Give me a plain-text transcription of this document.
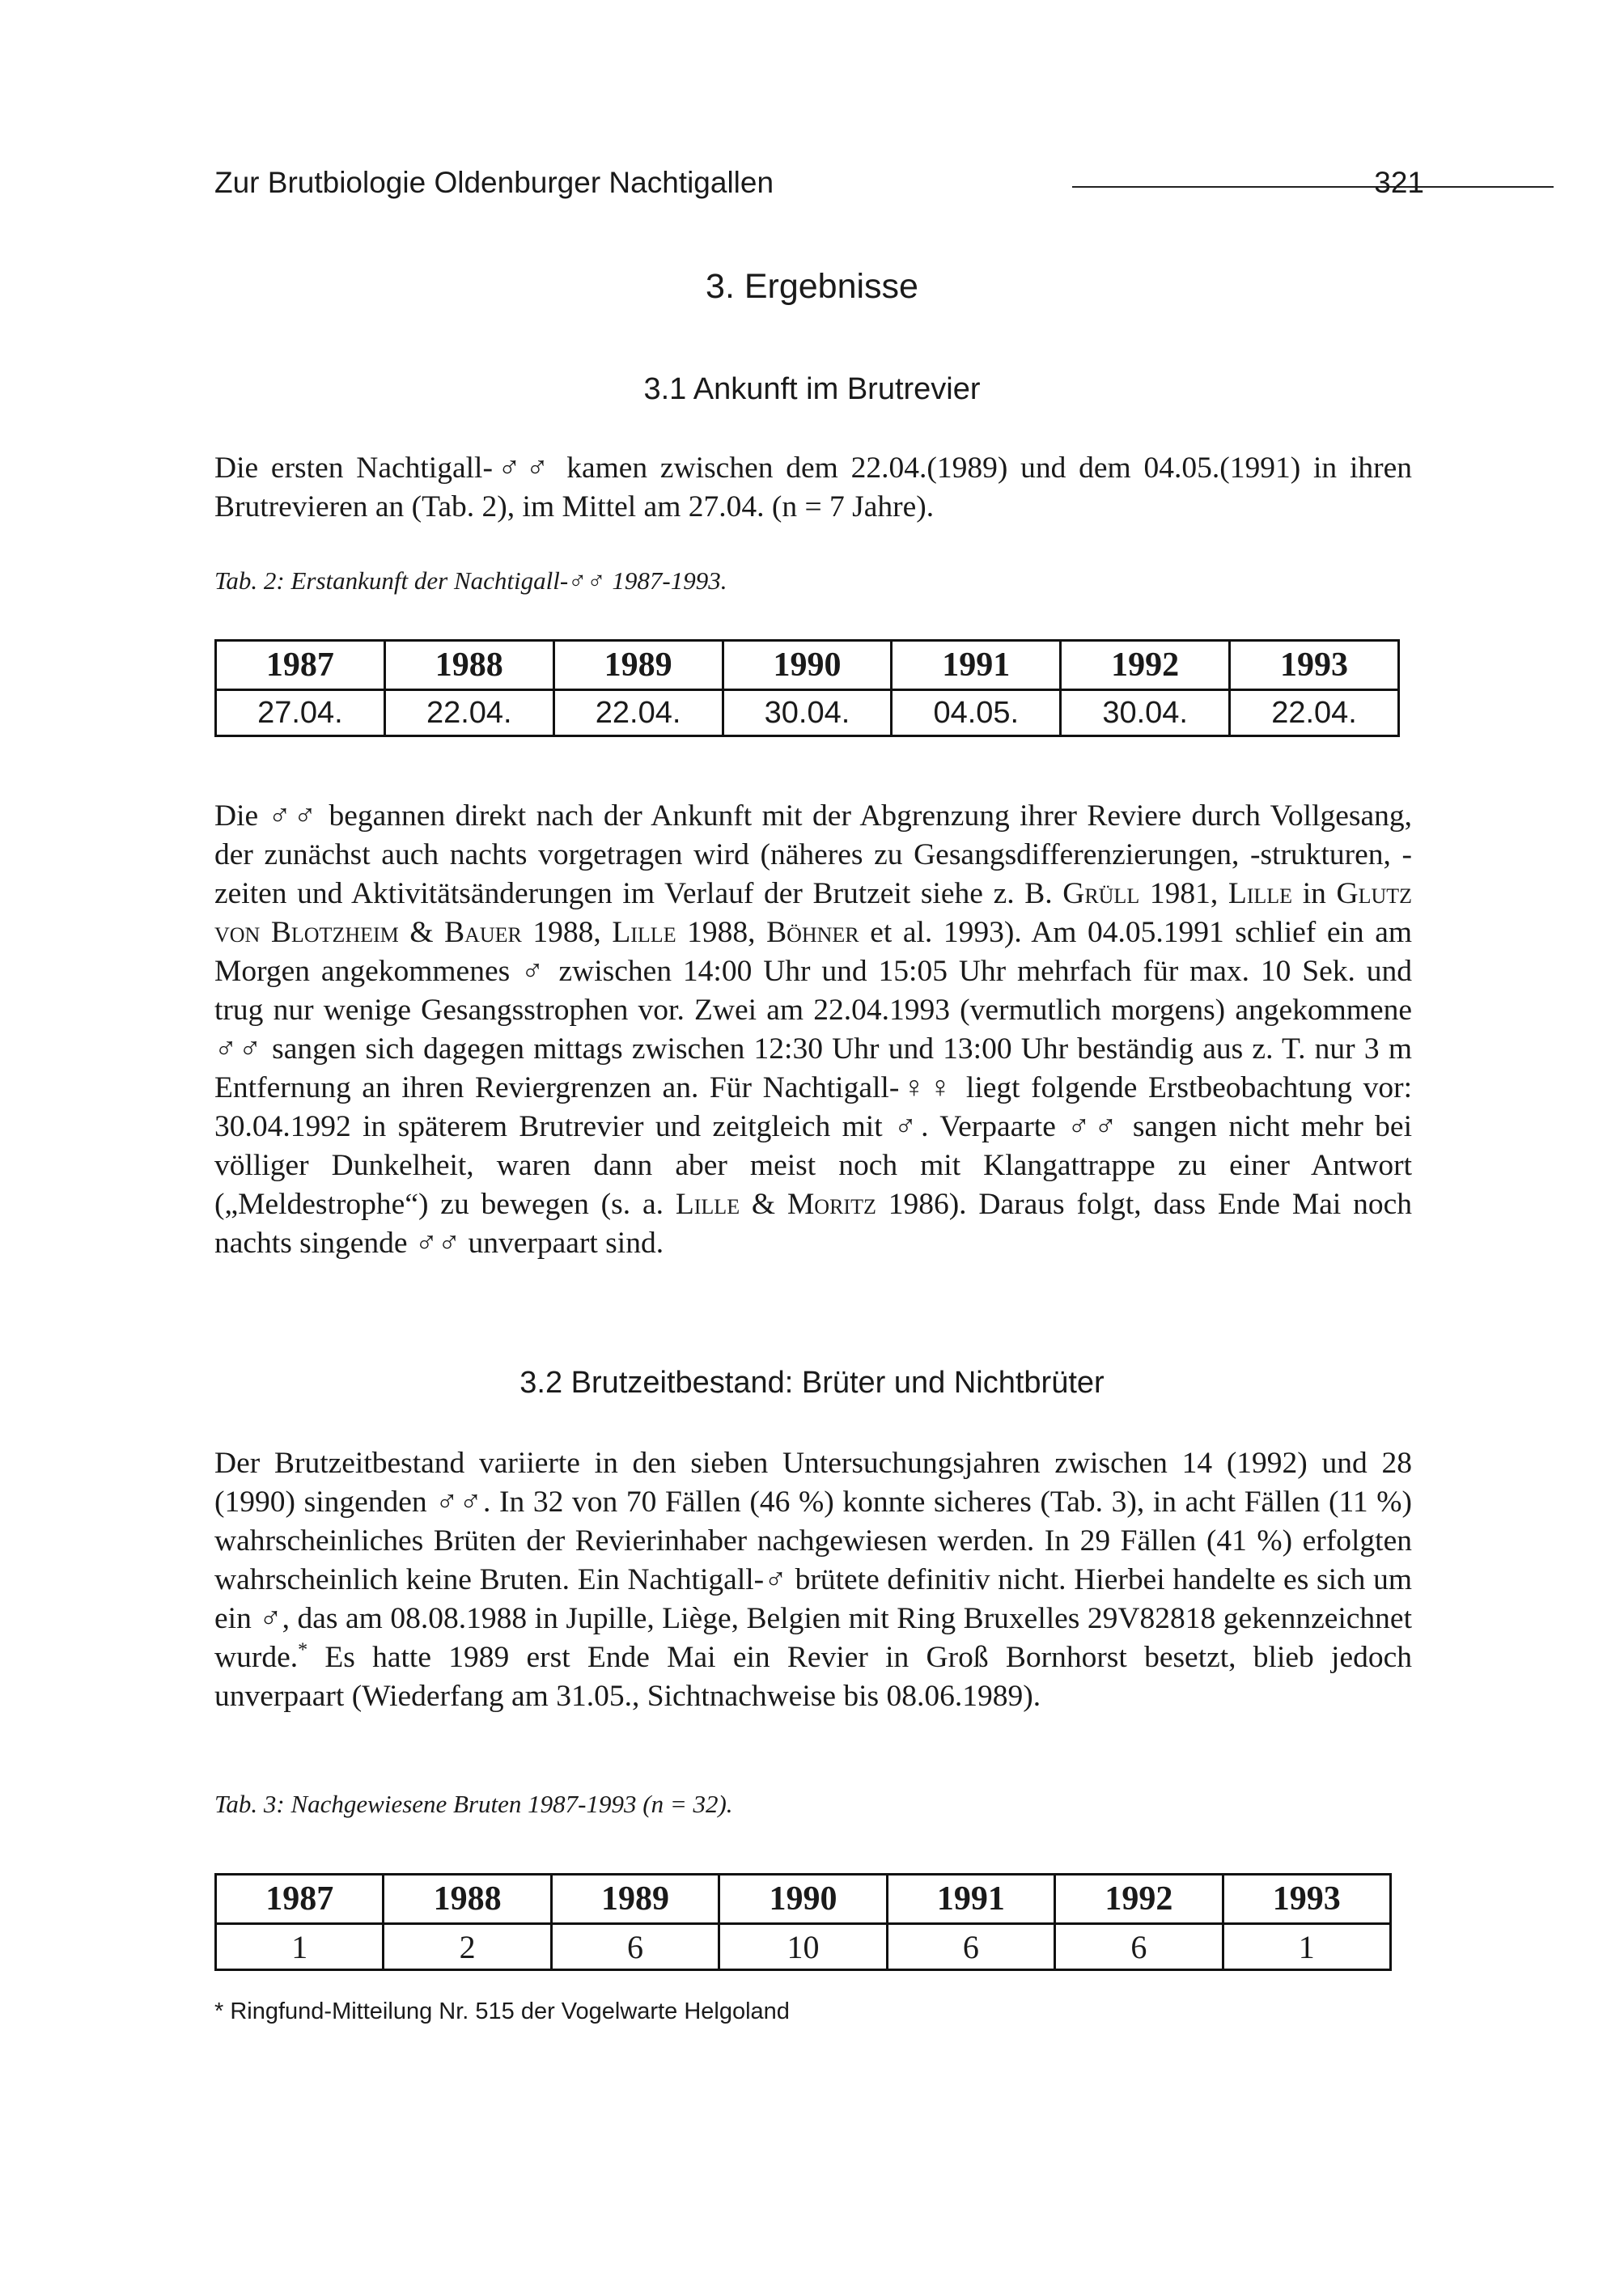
Zur Brutbiologie Oldenburger Nachtigallen	321
3. Ergebnisse
3.1 Ankunft im Brutrevier

Die ersten Nachtigall-♂♂ kamen zwischen dem 22.04.(1989) und dem 04.05.(1991) in ihren Brutrevieren an (Tab. 2), im Mittel am 27.04. (n = 7 Jahre).

Tab. 2: Erstankunft der Nachtigall-♂♂ 1987-1993.
1987	1988	1989	1990	1991	1992	1993
27.04.	22.04.	22.04.	30.04.	04.05.	30.04.	22.04.

Die ♂♂ begannen direkt nach der Ankunft mit der Abgrenzung ihrer Reviere durch Vollgesang, der zunächst auch nachts vorgetragen wird (näheres zu Gesangsdifferenzierungen, -strukturen, -zeiten und Aktivitätsänderungen im Verlauf der Brutzeit siehe z. B. Grüll 1981, Lille in Glutz von Blotzheim & Bauer 1988, Lille 1988, Böhner et al. 1993). Am 04.05.1991 schlief ein am Morgen angekommenes ♂ zwischen 14:00 Uhr und 15:05 Uhr mehrfach für max. 10 Sek. und trug nur wenige Gesangsstrophen vor. Zwei am 22.04.1993 (vermutlich morgens) angekommene ♂♂ sangen sich dagegen mittags zwischen 12:30 Uhr und 13:00 Uhr beständig aus z. T. nur 3 m Entfernung an ihren Reviergrenzen an. Für Nachtigall-♀♀ liegt folgende Erstbeobachtung vor: 30.04.1992 in späterem Brutrevier und zeitgleich mit ♂. Verpaarte ♂♂ sangen nicht mehr bei völliger Dunkelheit, waren dann aber meist noch mit Klangattrappe zu einer Antwort („Meldestrophe“) zu bewegen (s. a. Lille & Moritz 1986). Daraus folgt, dass Ende Mai noch nachts singende ♂♂ unverpaart sind.

3.2 Brutzeitbestand: Brüter und Nichtbrüter

Der Brutzeitbestand variierte in den sieben Untersuchungsjahren zwischen 14 (1992) und 28 (1990) singenden ♂♂. In 32 von 70 Fällen (46 %) konnte sicheres (Tab. 3), in acht Fällen (11 %) wahrscheinliches Brüten der Revierinhaber nachgewiesen werden. In 29 Fällen (41 %) erfolgten wahrscheinlich keine Bruten. Ein Nachtigall-♂ brütete definitiv nicht. Hierbei handelte es sich um ein ♂, das am 08.08.1988 in Jupille, Liège, Belgien mit Ring Bruxelles 29V82818 gekennzeichnet wurde.* Es hatte 1989 erst Ende Mai ein Revier in Groß Bornhorst besetzt, blieb jedoch unverpaart (Wiederfang am 31.05., Sichtnachweise bis 08.06.1989).

Tab. 3: Nachgewiesene Bruten 1987-1993 (n = 32).
1987	1988	1989	1990	1991	1992	1993
1	2	6	10	6	6	1
* Ringfund-Mitteilung Nr. 515 der Vogelwarte Helgoland
